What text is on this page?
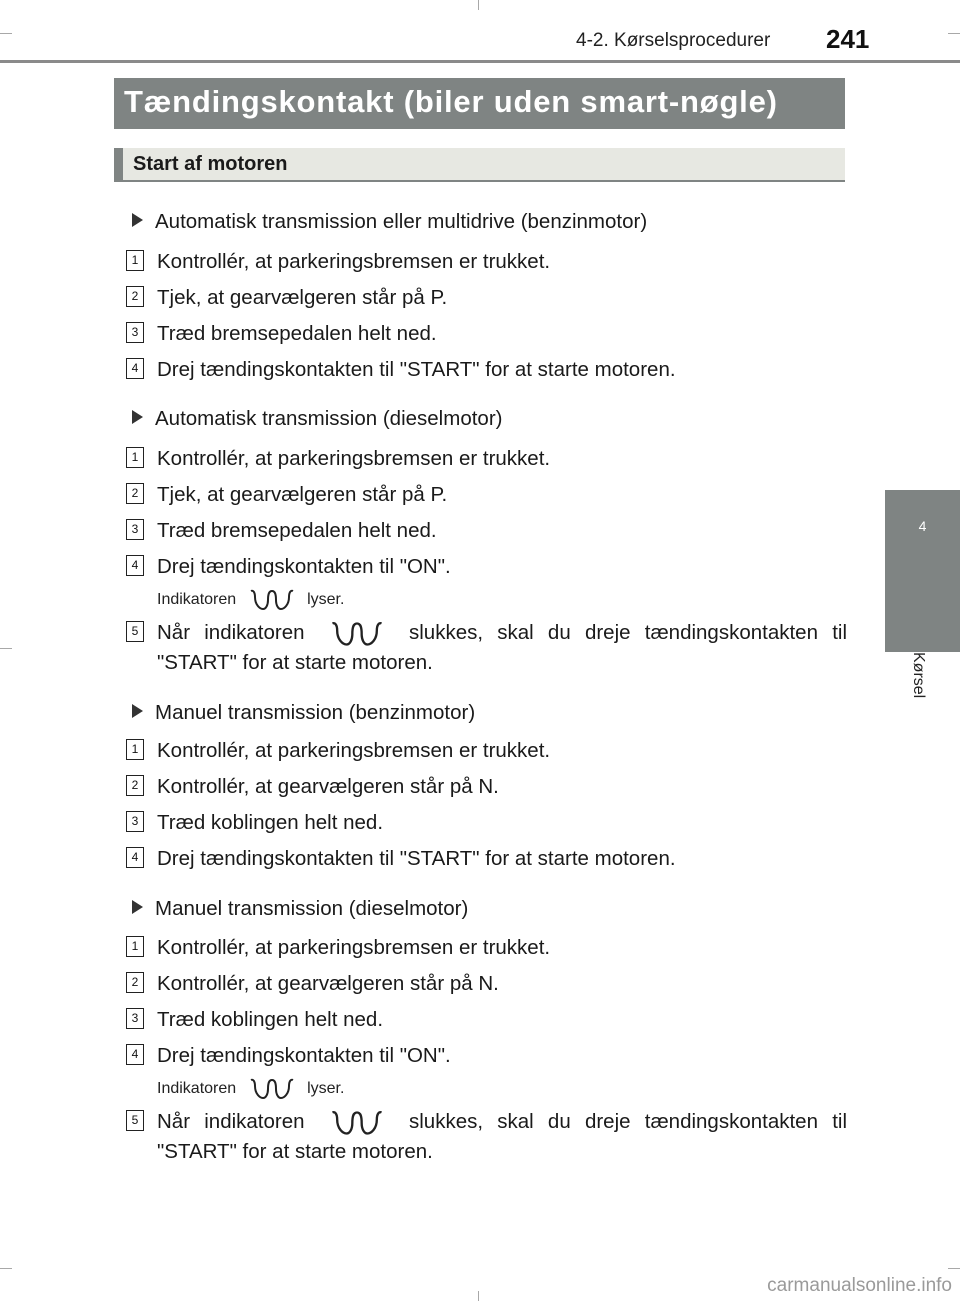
4-2. Kørselsprocedurer 241
4
Kørsel
Tændingskontakt (biler uden smart-nøgle)
Start af motoren
Automatisk transmission eller multidrive (benzinmotor)
1 Kontrollér, at parkeringsbremsen er trukket.
2 Tjek, at gearvælgeren står på P.
3 Træd bremsepedalen helt ned.
4 Drej tændingskontakten til "START" for at starte motoren.
Automatisk transmission (dieselmotor)
1 Kontrollér, at parkeringsbremsen er trukket.
2 Tjek, at gearvælgeren står på P.
3 Træd bremsepedalen helt ned.
4 Drej tændingskontakten til "ON".
Indikatoren	lyser.
5 Når indikatoren	slukkes, skal du dreje tændingskontakten til "START" for at starte motoren.
Manuel transmission (benzinmotor)
1 Kontrollér, at parkeringsbremsen er trukket.
2 Kontrollér, at gearvælgeren står på N.
3 Træd koblingen helt ned.
4 Drej tændingskontakten til "START" for at starte motoren.
Manuel transmission (dieselmotor)
1 Kontrollér, at parkeringsbremsen er trukket.
2 Kontrollér, at gearvælgeren står på N.
3 Træd koblingen helt ned.
4 Drej tændingskontakten til "ON".
Indikatoren	lyser.
5 Når indikatoren	slukkes, skal du dreje tændingskontakten til "START" for at starte motoren.
carmanualsonline.info
